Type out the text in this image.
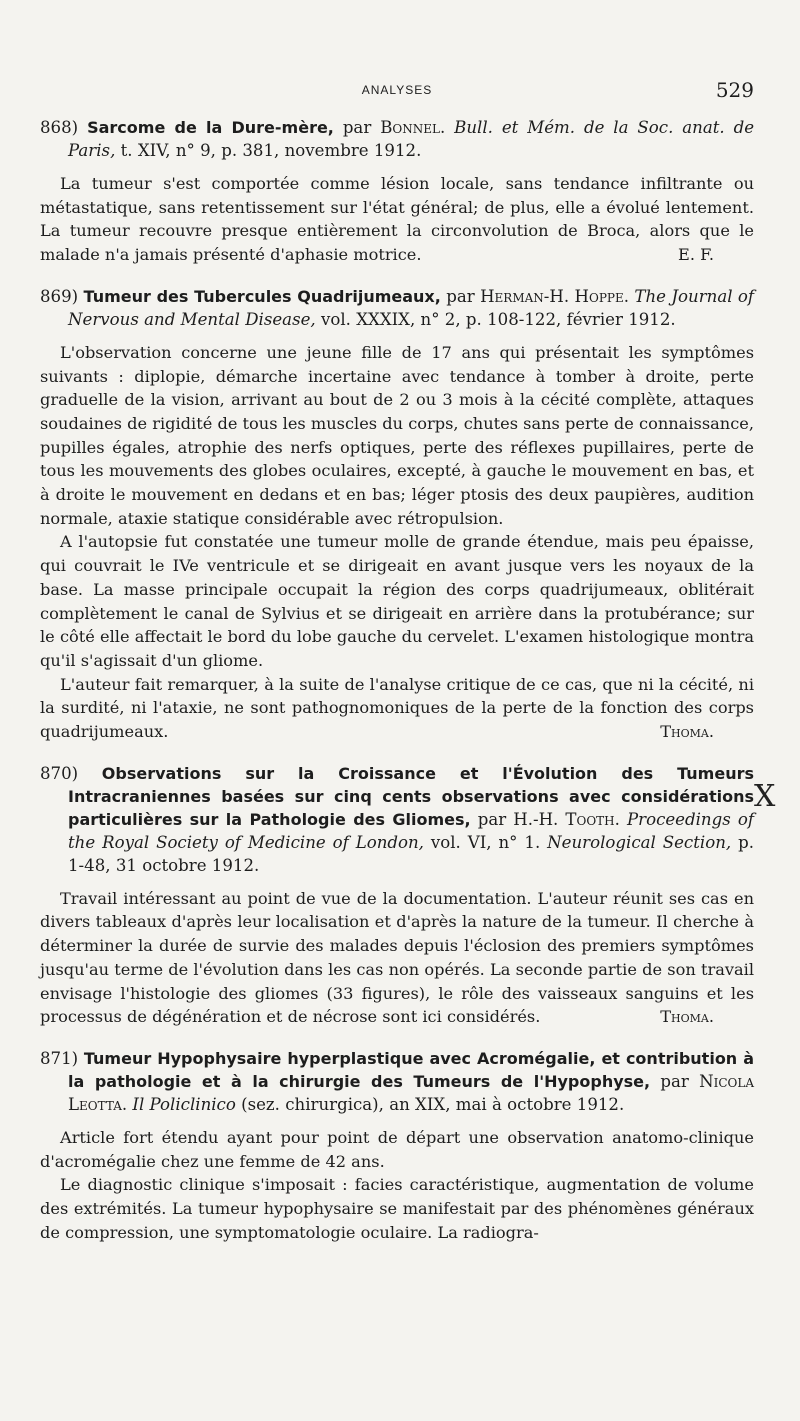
ANALYSES	529

868) Sarcome de la Dure-mère, par Bonnel. Bull. et Mém. de la Soc. anat. de Paris, t. XIV, n° 9, p. 381, novembre 1912.

La tumeur s'est comportée comme lésion locale, sans tendance infiltrante ou métastatique, sans retentissement sur l'état général; de plus, elle a évolué lentement. La tumeur recouvre presque entièrement la circonvolution de Broca, alors que le malade n'a jamais présenté d'aphasie motrice.	E. F.

869) Tumeur des Tubercules Quadrijumeaux, par Herman-H. Hoppe. The Journal of Nervous and Mental Disease, vol. XXXIX, n° 2, p. 108-122, février 1912.

L'observation concerne une jeune fille de 17 ans qui présentait les symptômes suivants : diplopie, démarche incertaine avec tendance à tomber à droite, perte graduelle de la vision, arrivant au bout de 2 ou 3 mois à la cécité complète, attaques soudaines de rigidité de tous les muscles du corps, chutes sans perte de connaissance, pupilles égales, atrophie des nerfs optiques, perte des réflexes pupillaires, perte de tous les mouvements des globes oculaires, excepté, à gauche le mouvement en bas, et à droite le mouvement en dedans et en bas; léger ptosis des deux paupières, audition normale, ataxie statique considérable avec rétropulsion.

A l'autopsie fut constatée une tumeur molle de grande étendue, mais peu épaisse, qui couvrait le IVe ventricule et se dirigeait en avant jusque vers les noyaux de la base. La masse principale occupait la région des corps quadrijumeaux, oblitérait complètement le canal de Sylvius et se dirigeait en arrière dans la protubérance; sur le côté elle affectait le bord du lobe gauche du cervelet. L'examen histologique montra qu'il s'agissait d'un gliome.

L'auteur fait remarquer, à la suite de l'analyse critique de ce cas, que ni la cécité, ni la surdité, ni l'ataxie, ne sont pathognomoniques de la perte de la fonction des corps quadrijumeaux.	Thoma.

870) Observations sur la Croissance et l'Évolution des Tumeurs Intracraniennes basées sur cinq cents observations avec considérations particulières sur la Pathologie des Gliomes, par H.-H. Tooth. Proceedings of the Royal Society of Medicine of London, vol. VI, n° 1. Neurological Section, p. 1-48, 31 octobre 1912.

Travail intéressant au point de vue de la documentation. L'auteur réunit ses cas en divers tableaux d'après leur localisation et d'après la nature de la tumeur. Il cherche à déterminer la durée de survie des malades depuis l'éclosion des premiers symptômes jusqu'au terme de l'évolution dans les cas non opérés. La seconde partie de son travail envisage l'histologie des gliomes (33 figures), le rôle des vaisseaux sanguins et les processus de dégénération et de nécrose sont ici considérés.	Thoma.

871) Tumeur Hypophysaire hyperplastique avec Acromégalie, et contribution à la pathologie et à la chirurgie des Tumeurs de l'Hypophyse, par Nicola Leotta. Il Policlinico (sez. chirurgica), an XIX, mai à octobre 1912.

Article fort étendu ayant pour point de départ une observation anatomo-clinique d'acromégalie chez une femme de 42 ans.

Le diagnostic clinique s'imposait : facies caractéristique, augmentation de volume des extrémités. La tumeur hypophysaire se manifestait par des phénomènes généraux de compression, une symptomatologie oculaire. La radiogra-

X
